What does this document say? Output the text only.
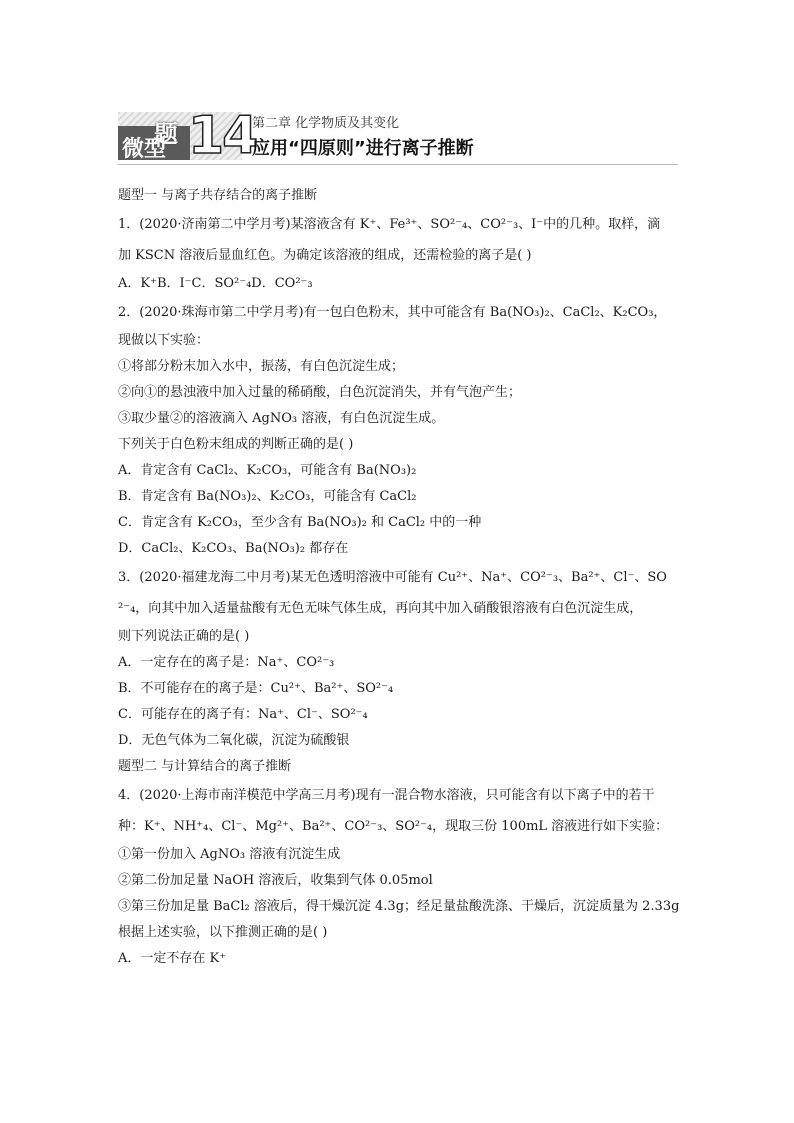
题
微型 14
第二章 化学物质及其变化
应用“四原则”进行离子推断
题型一 与离子共存结合的离子推断
1．(2020·济南第二中学月考)某溶液含有 K⁺、Fe³⁺、SO²⁻₄、CO²⁻₃、I⁻中的几种。取样，滴
加 KSCN 溶液后显血红色。为确定该溶液的组成，还需检验的离子是( )
A．K⁺B．I⁻C．SO²⁻₄D．CO²⁻₃
2．(2020·珠海市第二中学月考)有一包白色粉末，其中可能含有 Ba(NO₃)₂、CaCl₂、K₂CO₃，
现做以下实验：
①将部分粉末加入水中，振荡，有白色沉淀生成；
②向①的悬浊液中加入过量的稀硝酸，白色沉淀消失，并有气泡产生；
③取少量②的溶液滴入 AgNO₃ 溶液，有白色沉淀生成。
下列关于白色粉末组成的判断正确的是( )
A．肯定含有 CaCl₂、K₂CO₃，可能含有 Ba(NO₃)₂
B．肯定含有 Ba(NO₃)₂、K₂CO₃，可能含有 CaCl₂
C．肯定含有 K₂CO₃，至少含有 Ba(NO₃)₂ 和 CaCl₂ 中的一种
D．CaCl₂、K₂CO₃、Ba(NO₃)₂ 都存在
3．(2020·福建龙海二中月考)某无色透明溶液中可能有 Cu²⁺、Na⁺、CO²⁻₃、Ba²⁺、Cl⁻、SO
²⁻₄，向其中加入适量盐酸有无色无味气体生成，再向其中加入硝酸银溶液有白色沉淀生成，
则下列说法正确的是( )
A．一定存在的离子是：Na⁺、CO²⁻₃
B．不可能存在的离子是：Cu²⁺、Ba²⁺、SO²⁻₄
C．可能存在的离子有：Na⁺、Cl⁻、SO²⁻₄
D．无色气体为二氧化碳，沉淀为硫酸银
题型二 与计算结合的离子推断
4．(2020·上海市南洋模范中学高三月考)现有一混合物水溶液，只可能含有以下离子中的若干
种：K⁺、NH⁺₄、Cl⁻、Mg²⁺、Ba²⁺、CO²⁻₃、SO²⁻₄，现取三份 100mL 溶液进行如下实验：
①第一份加入 AgNO₃ 溶液有沉淀生成
②第二份加足量 NaOH 溶液后，收集到气体 0.05mol
③第三份加足量 BaCl₂ 溶液后，得干燥沉淀 4.3g；经足量盐酸洗涤、干燥后，沉淀质量为 2.33g
根据上述实验，以下推测正确的是( )
A．一定不存在 K⁺
